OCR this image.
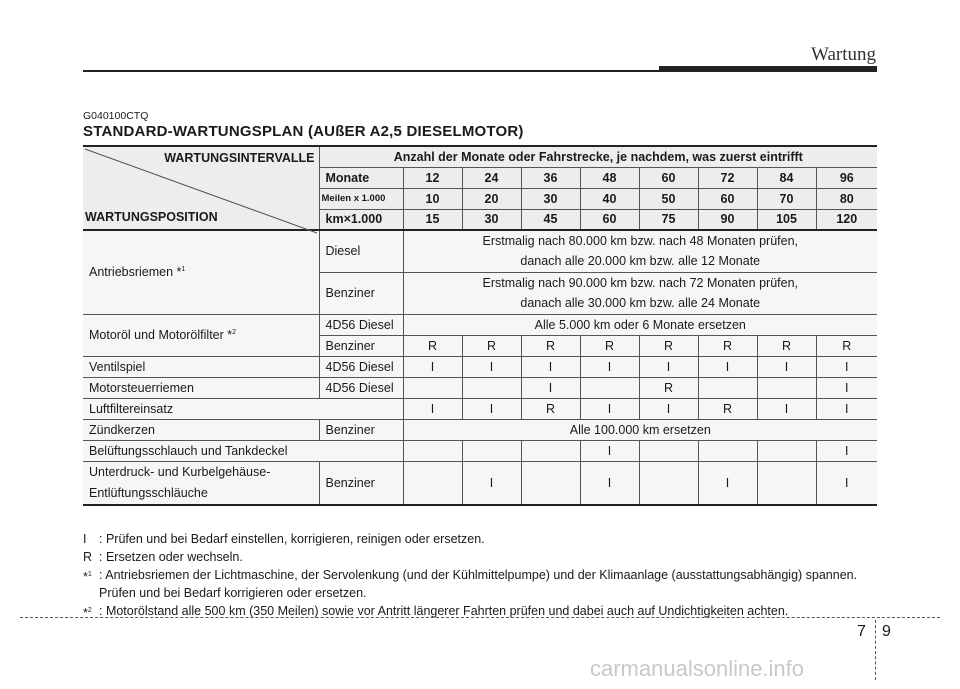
Wartung
G040100CTQ
STANDARD-WARTUNGSPLAN (AUßER A2,5 DIESELMOTOR)
WARTUNGSINTERVALLE
WARTUNGSPOSITION	Anzahl der Monate oder Fahrstrecke, je nachdem, was zuerst eintrifft								
	Monate	12	24	36	48	60	72	84	96
	Meilen x 1.000	10	20	30	40	50	60	70	80
	km×1.000	15	30	45	60	75	90	105	120
Antriebsriemen *$^1$	Diesel	Erstmalig nach 80.000 km bzw. nach 48 Monaten prüfen,
danach alle 20.000 km bzw. alle 12 Monate							

	Benziner	Erstmalig nach 90.000 km bzw. nach 72 Monaten prüfen,
danach alle 30.000 km bzw. alle 24 Monate							

Motoröl und Motorölfilter *$^2$	4D56 Diesel	Alle 5.000 km oder 6 Monate ersetzen							
	Benziner	R	R	R	R	R	R	R	R
Ventilspiel	4D56 Diesel	I	I	I	I	I	I	I	I
Motorsteuerriemen	4D56 Diesel			I		R			I
Luftfiltereinsatz		I	I	R	I	I	R	I	I
Zündkerzen	Benziner	Alle 100.000 km ersetzen							
Belüftungsschlauch und Tankdeckel					I				I

Unterdruck- und Kurbelgehäuse-
Entlüftungsschläuche	Benziner		I		I		I		I
I	: Prüfen und bei Bedarf einstellen, korrigieren, reinigen oder ersetzen.
R : Ersetzen oder wechseln.
*$^1$ : Antriebsriemen der Lichtmaschine, der Servolenkung (und der Kühlmittelpumpe) und der Klimaanlage (ausstattungsabhängig) spannen. Prüfen und bei Bedarf korrigieren oder ersetzen.
*$^2$ : Motorölstand alle 500 km (350 Meilen) sowie vor Antritt längerer Fahrten prüfen und dabei auch auf Undichtigkeiten achten.
7 9
carmanualsonline.info
